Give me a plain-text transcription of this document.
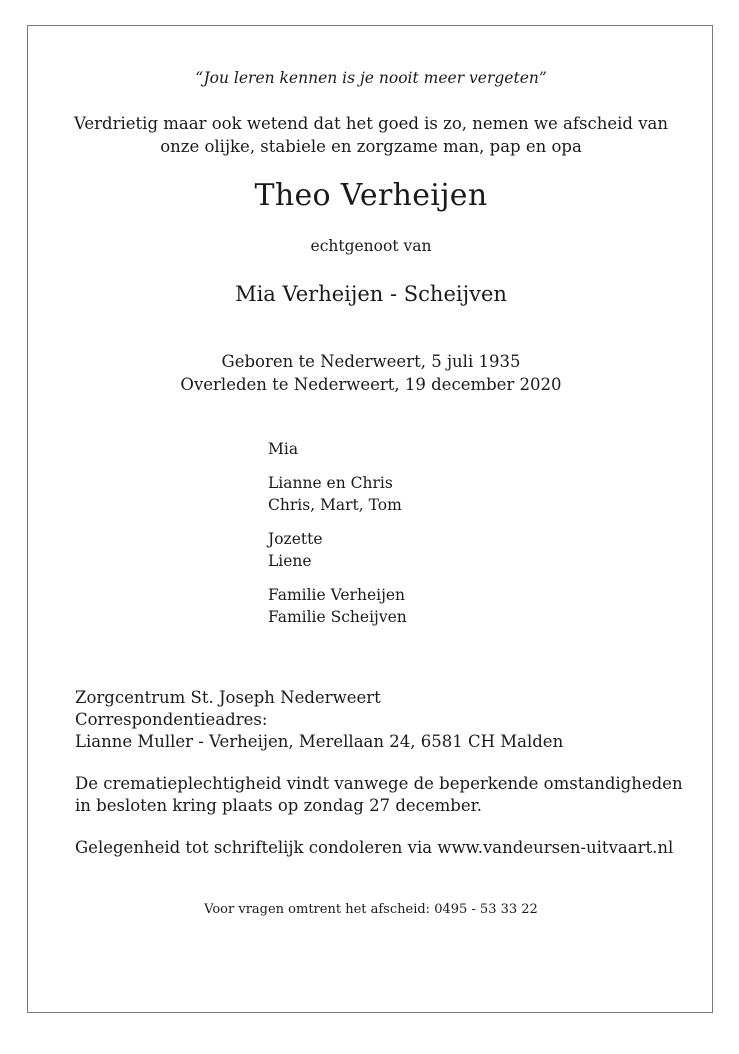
“Jou leren kennen is je nooit meer vergeten”

Verdrietig maar ook wetend dat het goed is zo, nemen we afscheid van
onze olijke, stabiele en zorgzame man, pap en opa

Theo Verheijen

echtgenoot van

Mia Verheijen - Scheijven

Geboren te Nederweert, 5 juli 1935
Overleden te Nederweert, 19 december 2020

Mia
Lianne en Chris
Chris, Mart, Tom
Jozette
Liene
Familie Verheijen
Familie Scheijven
Zorgcentrum St. Joseph Nederweert
Correspondentieadres:
Lianne Muller - Verheijen, Merellaan 24, 6581 CH Malden
De crematieplechtigheid vindt vanwege de beperkende omstandigheden
in besloten kring plaats op zondag 27 december.

Gelegenheid tot schriftelijk condoleren via www.vandeursen-uitvaart.nl

Voor vragen omtrent het afscheid: 0495 - 53 33 22
